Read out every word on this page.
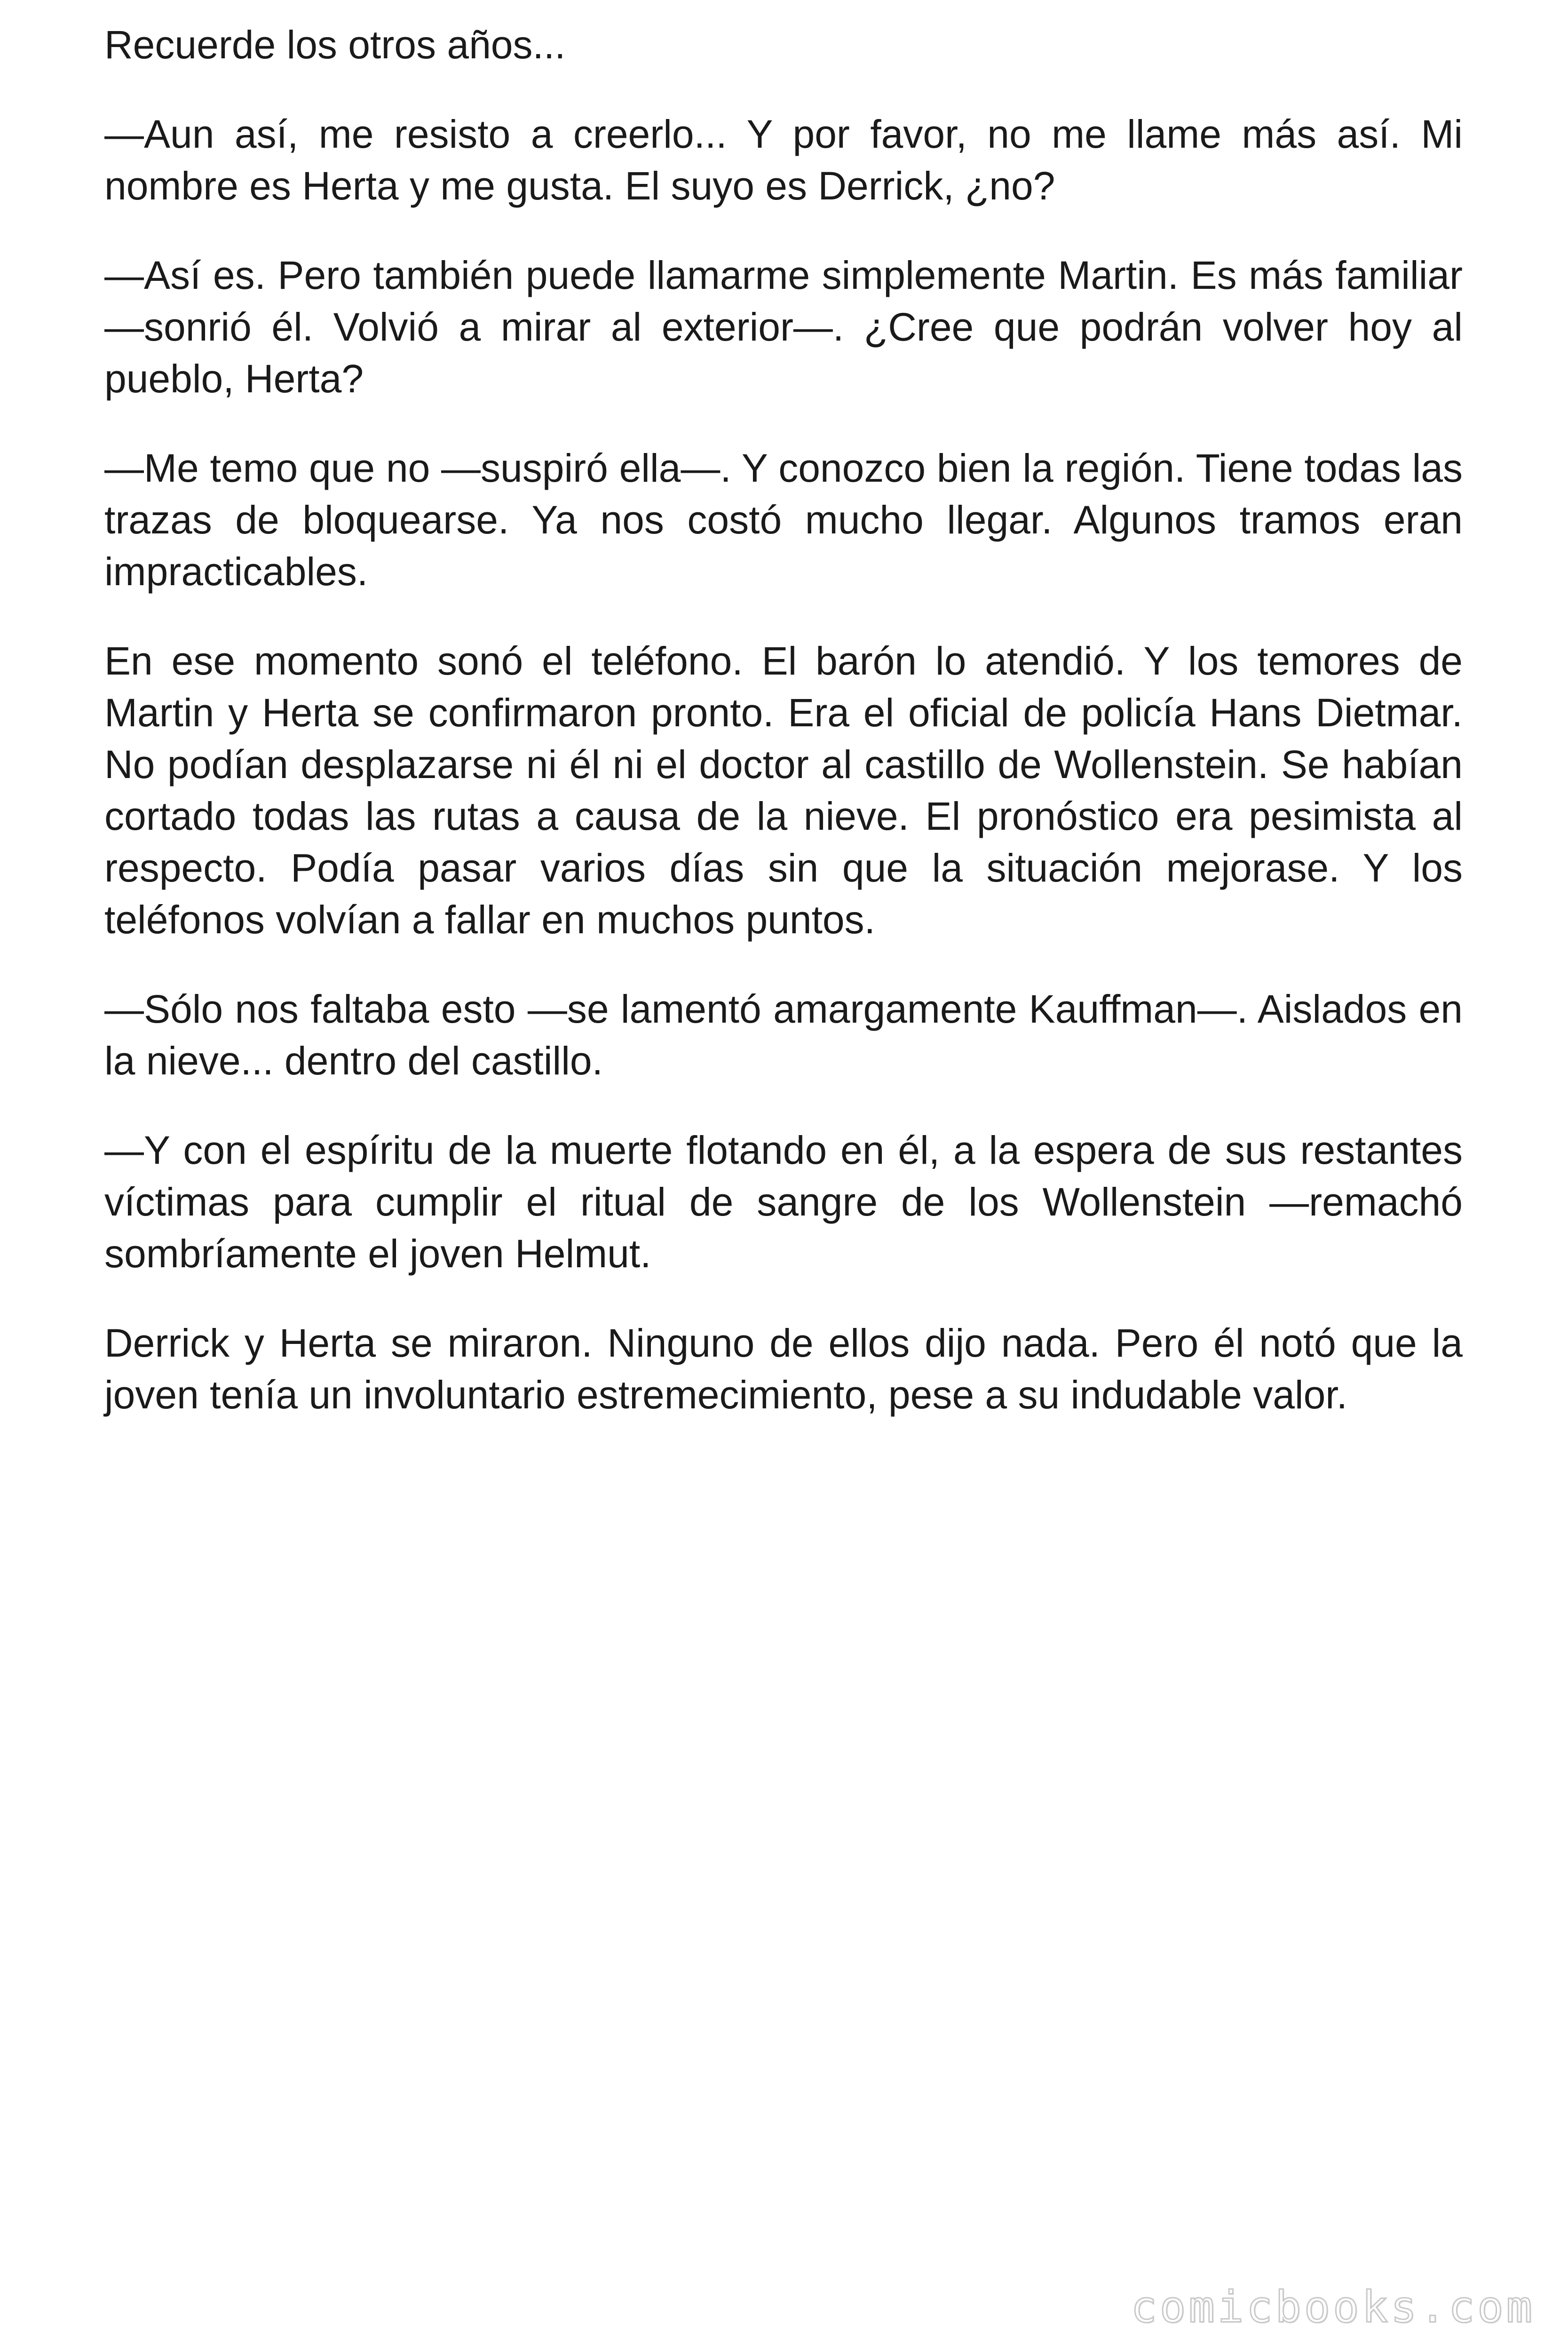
Recuerde los otros años...

—Aun así, me resisto a creerlo... Y por favor, no me llame más así. Mi nombre es Herta y me gusta. El suyo es Derrick, ¿no?

—Así es. Pero también puede llamarme simplemente Martin. Es más familiar —sonrió él. Volvió a mirar al exterior—. ¿Cree que podrán volver hoy al pueblo, Herta?

—Me temo que no —suspiró ella—. Y conozco bien la región. Tiene todas las trazas de bloquearse. Ya nos costó mucho llegar. Algunos tramos eran impracticables.

En ese momento sonó el teléfono. El barón lo atendió. Y los temores de Martin y Herta se confirmaron pronto. Era el oficial de policía Hans Dietmar. No podían desplazarse ni él ni el doctor al castillo de Wollenstein. Se habían cortado todas las rutas a causa de la nieve. El pronóstico era pesimista al respecto. Podía pasar varios días sin que la situación mejorase. Y los teléfonos volvían a fallar en muchos puntos.

—Sólo nos faltaba esto —se lamentó amargamente Kauffman—. Aislados en la nieve... dentro del castillo.

—Y con el espíritu de la muerte flotando en él, a la espera de sus restantes víctimas para cumplir el ritual de sangre de los Wollenstein —remachó sombríamente el joven Helmut.

Derrick y Herta se miraron. Ninguno de ellos dijo nada. Pero él notó que la joven tenía un involuntario estremecimiento, pese a su indudable valor.

comicbooks.com
